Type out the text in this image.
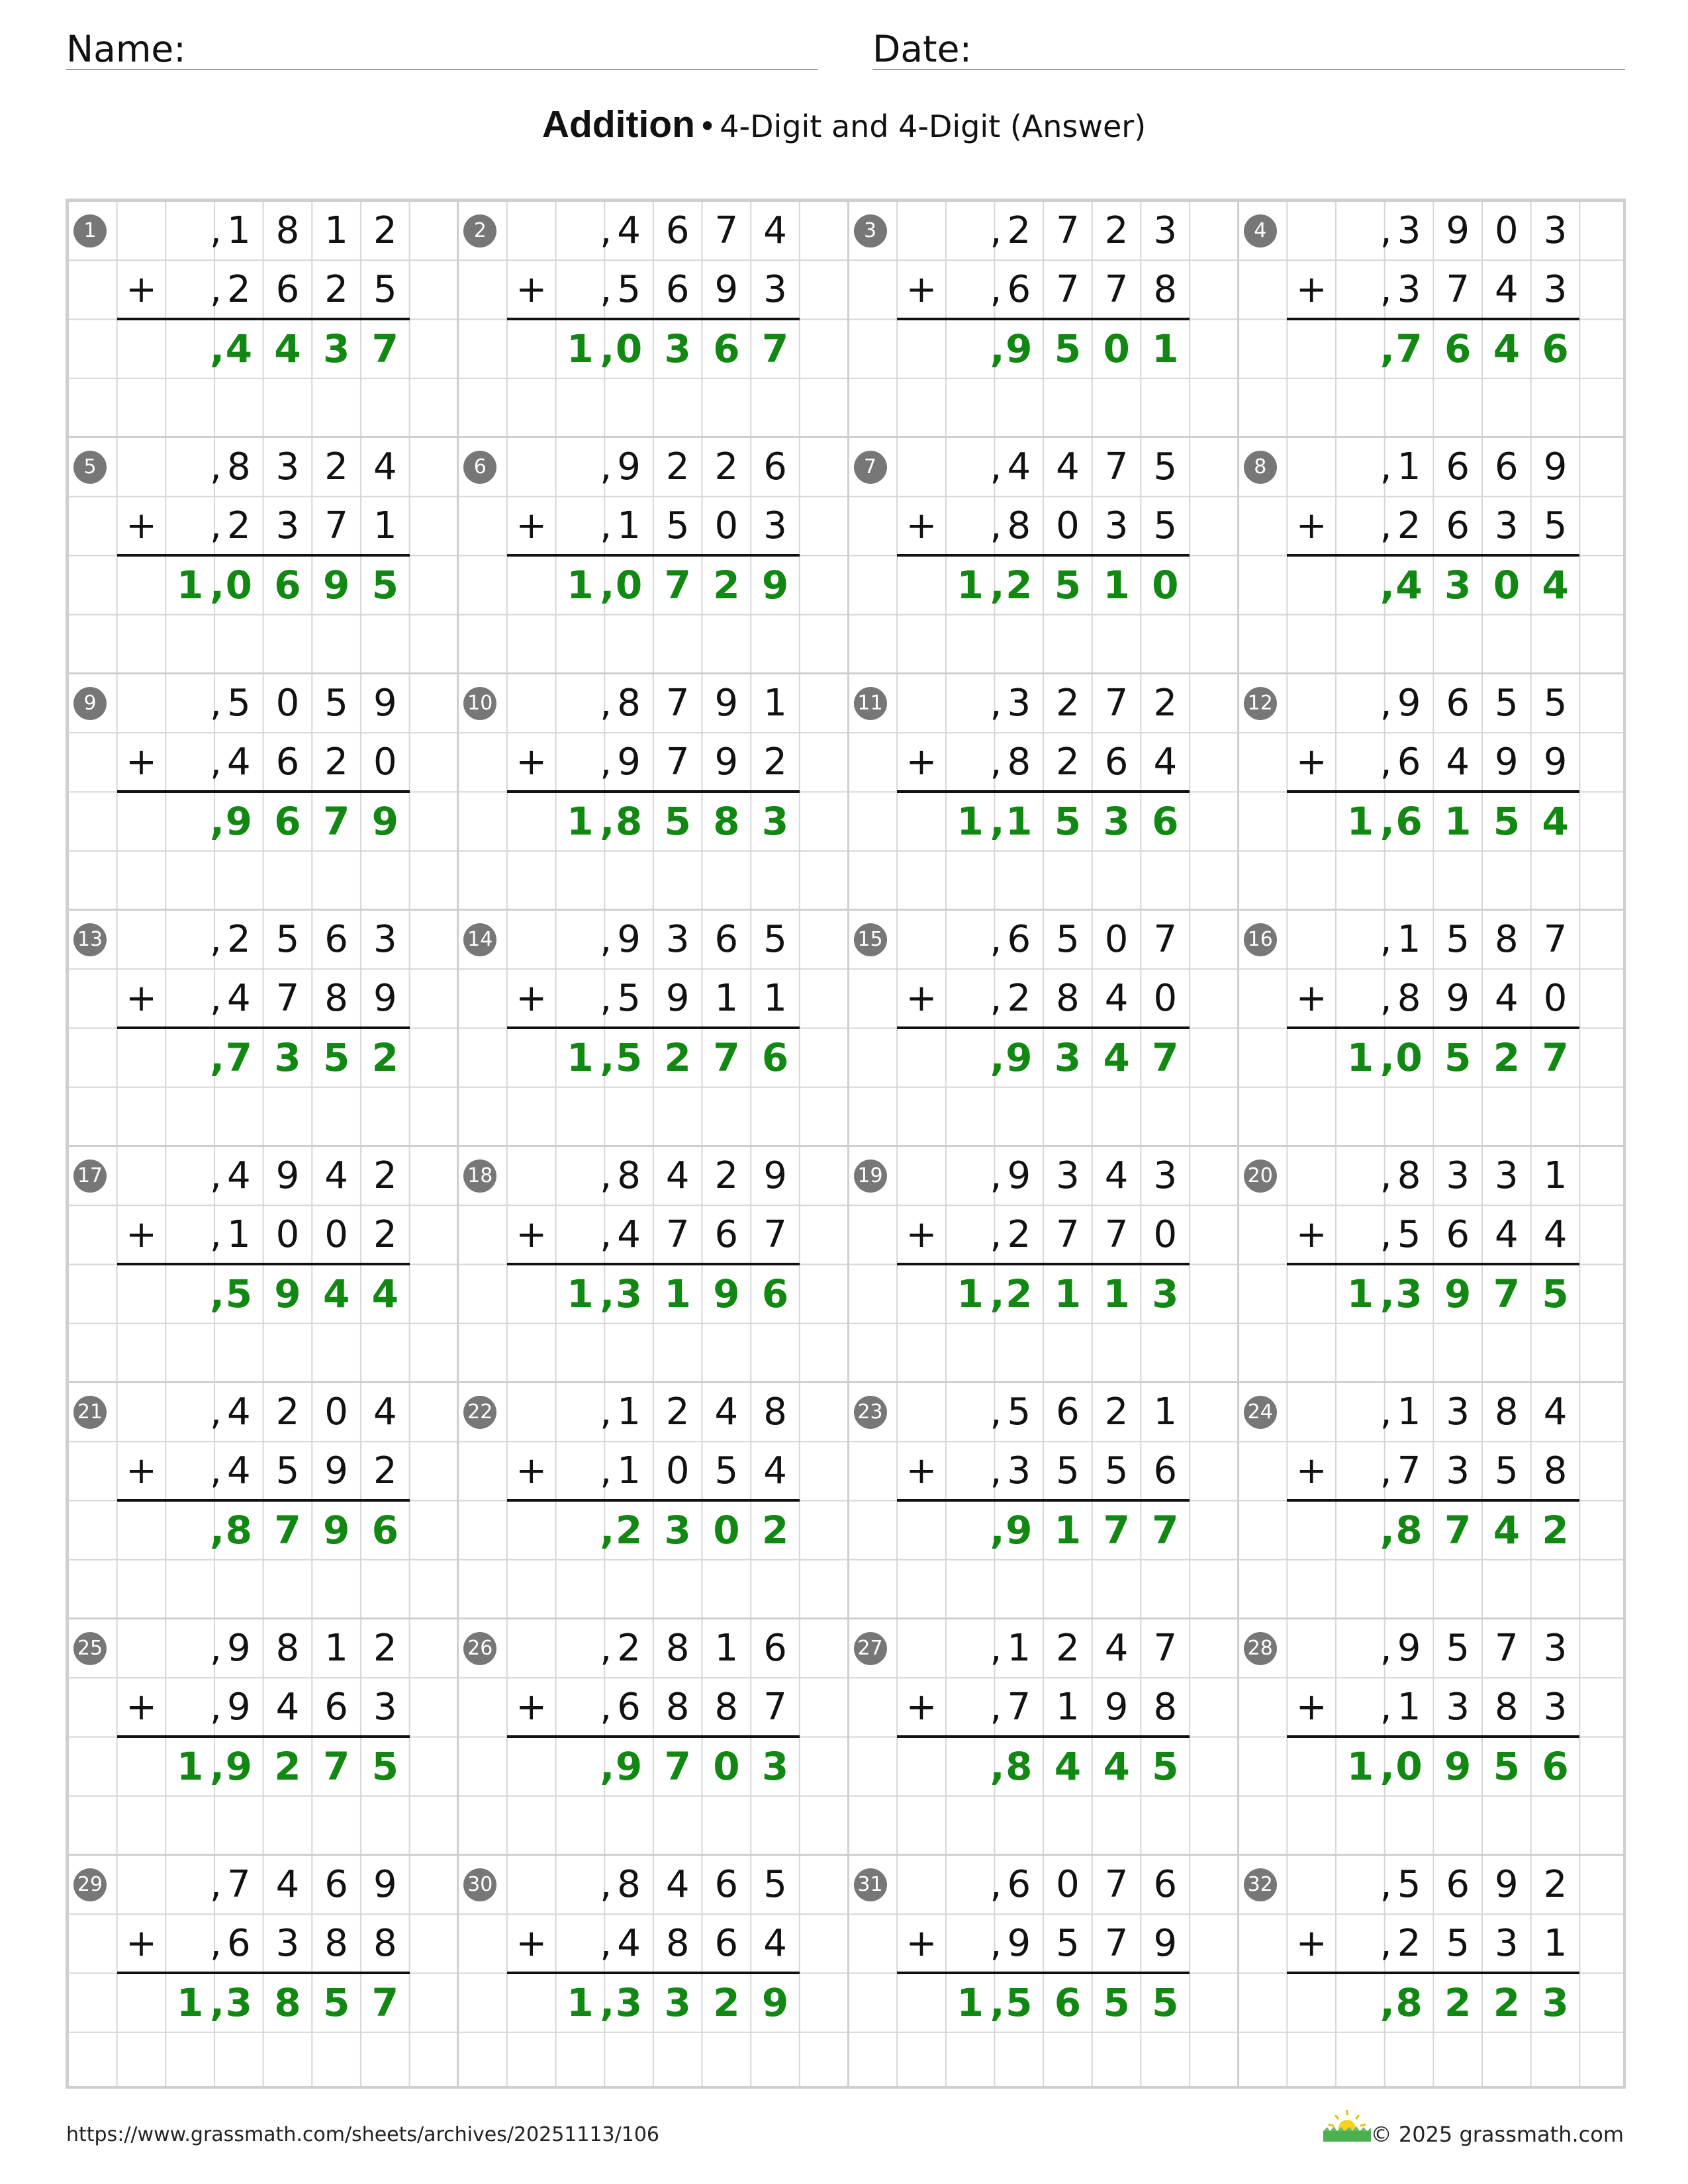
Name:	Date:
Addition • 4-Digit and 4-Digit (Answer)
1	1 8 1 2
,
+	2 6 2 5
,
4 4 3 7
,
2	4 6 7 4
,
+	5 6 9 3
,
1 0 3 6 7
,
3	2 7 2 3
,
+	6 7 7 8
,
9 5 0 1
,
4	3 9 0 3
,
+	3 7 4 3
,
7 6 4 6
,
5	8 3 2 4
,
+	2 3 7 1
,
1 0 6 9 5
,
6	9 2 2 6
,
+	1 5 0 3
,
1 0 7 2 9
,
7	4 4 7 5
,
+	8 0 3 5
,
1 2 5 1 0
,
8	1 6 6 9
,
+	2 6 3 5
,
4 3 0 4
,
9	5 0 5 9
,
+	4 6 2 0
,
9 6 7 9
,
10	8 7 9 1
,
+	9 7 9 2
,
1 8 5 8 3
,
11	3 2 7 2
,
+	8 2 6 4
,
1 1 5 3 6
,
12	9 6 5 5
,
+	6 4 9 9
,
1 6 1 5 4
,
13	2 5 6 3
,
+	4 7 8 9
,
7 3 5 2
,
14	9 3 6 5
,
+	5 9 1 1
,
1 5 2 7 6
,
15	6 5 0 7
,
+	2 8 4 0
,
9 3 4 7
,
16	1 5 8 7
,
+	8 9 4 0
,
1 0 5 2 7
,
17	4 9 4 2
,
+	1 0 0 2
,
5 9 4 4
,
18	8 4 2 9
,
+	4 7 6 7
,
1 3 1 9 6
,
19	9 3 4 3
,
+	2 7 7 0
,
1 2 1 1 3
,
20	8 3 3 1
,
+	5 6 4 4
,
1 3 9 7 5
,
21	4 2 0 4
,
+	4 5 9 2
,
8 7 9 6
,
22	1 2 4 8
,
+	1 0 5 4
,
2 3 0 2
,
23	5 6 2 1
,
+	3 5 5 6
,
9 1 7 7
,
24	1 3 8 4
,
+	7 3 5 8
,
8 7 4 2
,
25	9 8 1 2
,
+	9 4 6 3
,
1 9 2 7 5
,
26	2 8 1 6
,
+	6 8 8 7
,
9 7 0 3
,
27	1 2 4 7
,
+	7 1 9 8
,
8 4 4 5
,
28	9 5 7 3
,
+	1 3 8 3
,
1 0 9 5 6
,
29	7 4 6 9
,
+	6 3 8 8
,
1 3 8 5 7
,
30	8 4 6 5
,
+	4 8 6 4
,
1 3 3 2 9
,
31	6 0 7 6
,
+	9 5 7 9
,
1 5 6 5 5
,
32	5 6 9 2
,
+	2 5 3 1
,
8 2 2 3
,
https://www.grassmath.com/sheets/archives/20251113/106	© 2025 grassmath.com
